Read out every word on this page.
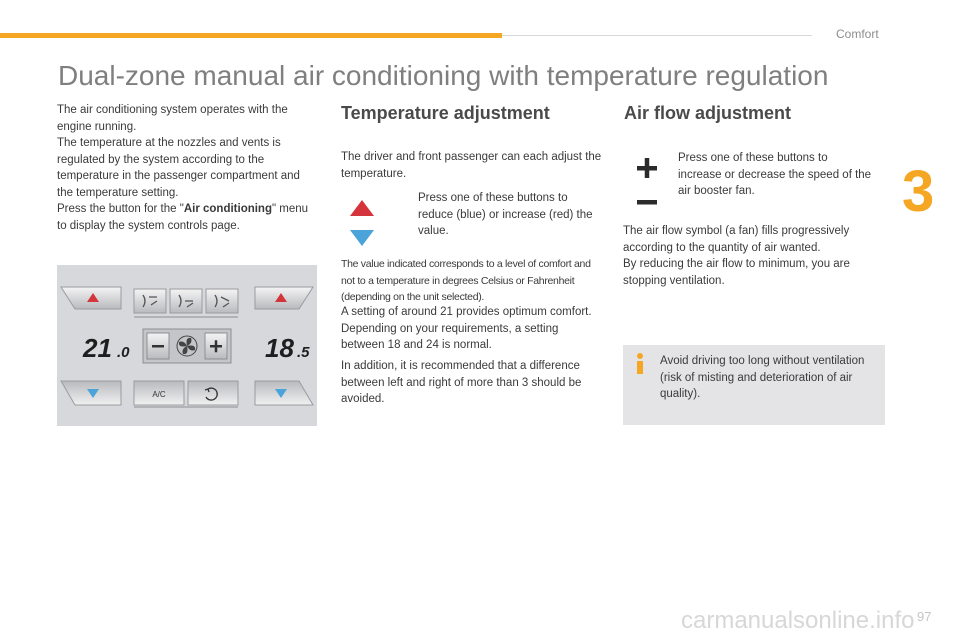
Comfort
3
Dual-zone manual air conditioning with temperature regulation

The air conditioning system operates with the engine running.

The temperature at the nozzles and vents is regulated by the system according to the temperature in the passenger compartment and the temperature setting.

Press the button for the "Air conditioning" menu to display the system controls page.

A/C
21 .0	18 .5
Temperature adjustment
The driver and front passenger can each adjust the temperature.
Press one of these buttons to reduce (blue) or increase (red) the value.
The value indicated corresponds to a level of comfort and not to a temperature in degrees Celsius or Fahrenheit (depending on the unit selected).
A setting of around 21 provides optimum comfort. Depending on your requirements, a setting between 18 and 24 is normal.
In addition, it is recommended that a difference between left and right of more than 3 should be avoided.
Air flow adjustment
Press one of these buttons to increase or decrease the speed of the air booster fan.

The air flow symbol (a fan) fills progressively according to the quantity of air wanted.

By reducing the air flow to minimum, you are stopping ventilation.

Avoid driving too long without ventilation (risk of misting and deterioration of air quality).
carmanualsonline.info 97
